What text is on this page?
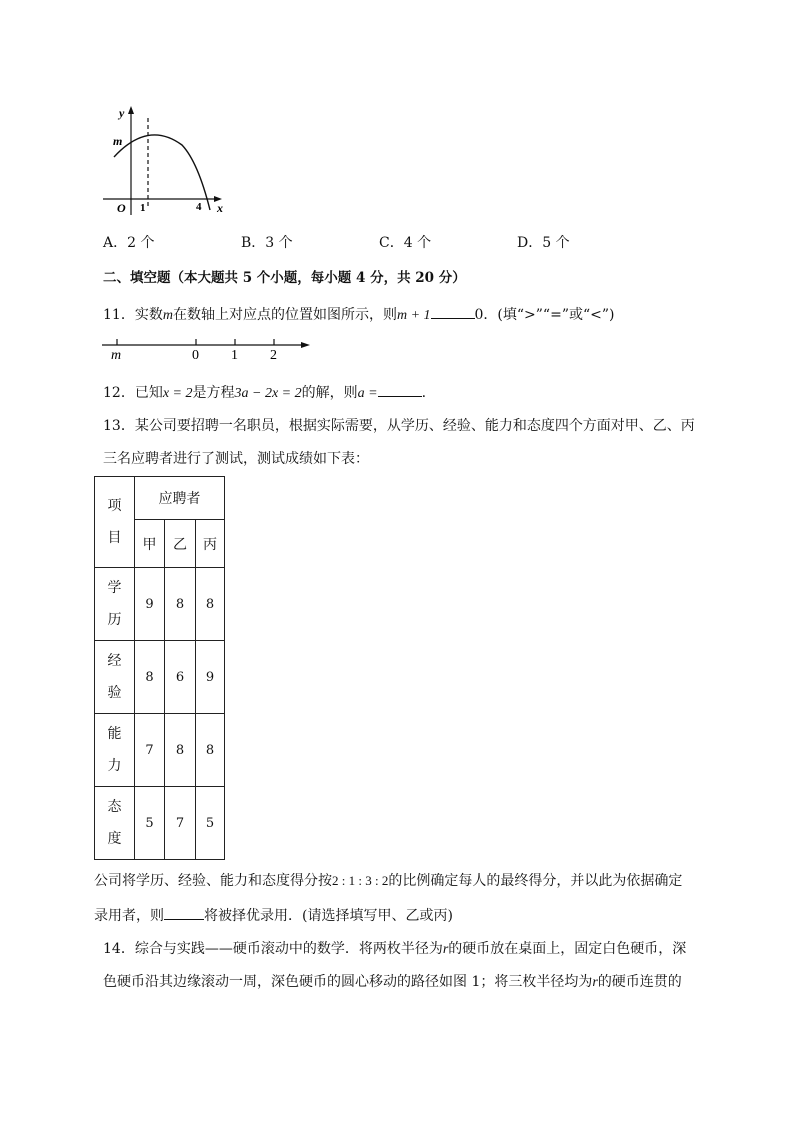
y
x
m
O 1	4
A．2 个	B．3 个	C．4 个	D．5 个
二、填空题（本大题共 5 个小题，每小题 4 分，共 20 分）
11．实数m在数轴上对应点的位置如图所示，则m + 1	0．(填“>”“=”或“<”)
m	0 1 2
12．已知x = 2是方程3a − 2x = 2的解，则a =	.
13．某公司要招聘一名职员，根据实际需要，从学历、经验、能力和态度四个方面对甲、乙、丙
三名应聘者进行了测试，测试成绩如下表：
项
目	应聘者		
	甲	乙	丙

学
历	9	8	8

经
验	8	6	9

能
力	7	8	8

态
度	5	7	5
公司将学历、经验、能力和态度得分按2 : 1 : 3 : 2的比例确定每人的最终得分，并以此为依据确定
录用者，则	将被择优录用．(请选择填写甲、乙或丙)
14．综合与实践——硬币滚动中的数学．将两枚半径为r的硬币放在桌面上，固定白色硬币，深
色硬币沿其边缘滚动一周，深色硬币的圆心移动的路径如图 1；将三枚半径均为r的硬币连贯的
